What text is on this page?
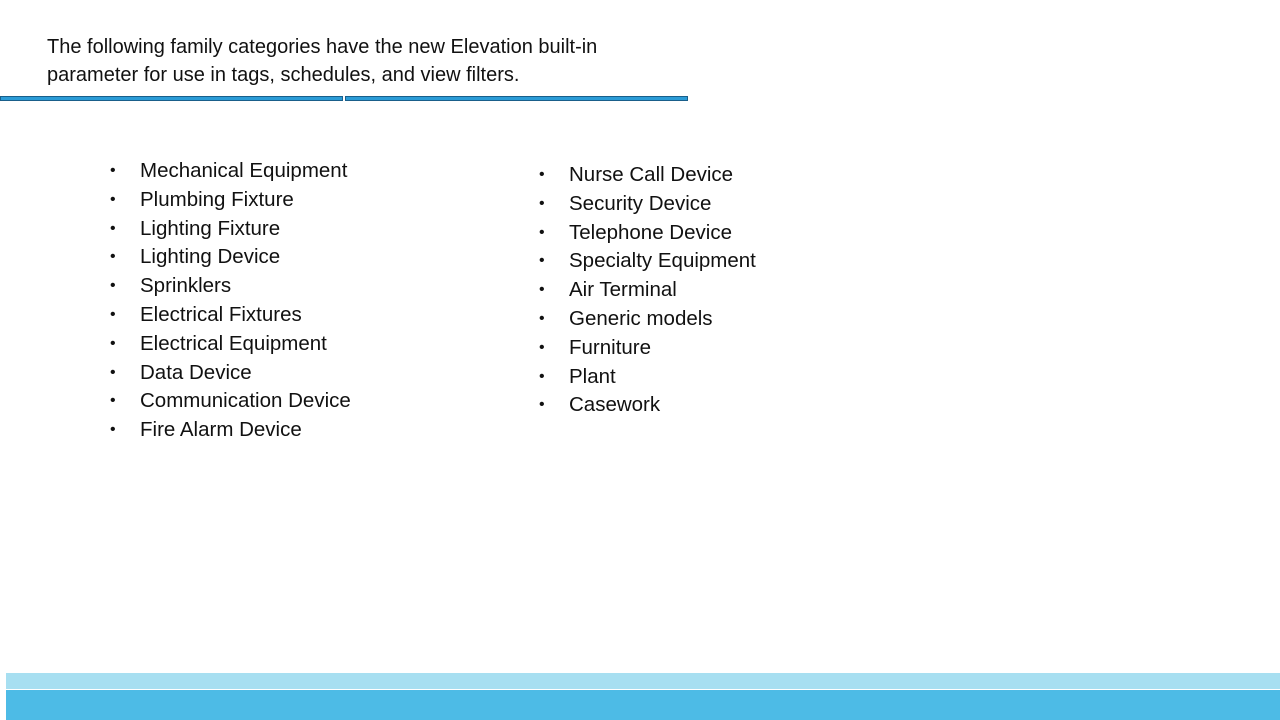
The following family categories have the new Elevation built-in parameter for use in tags, schedules, and view filters.
• Mechanical Equipment
• Plumbing Fixture
• Lighting Fixture
• Lighting Device
• Sprinklers
• Electrical Fixtures
• Electrical Equipment
• Data Device
• Communication Device
• Fire Alarm Device
• Nurse Call Device
• Security Device
• Telephone Device
• Specialty Equipment
• Air Terminal
• Generic models
• Furniture
• Plant
• Casework
